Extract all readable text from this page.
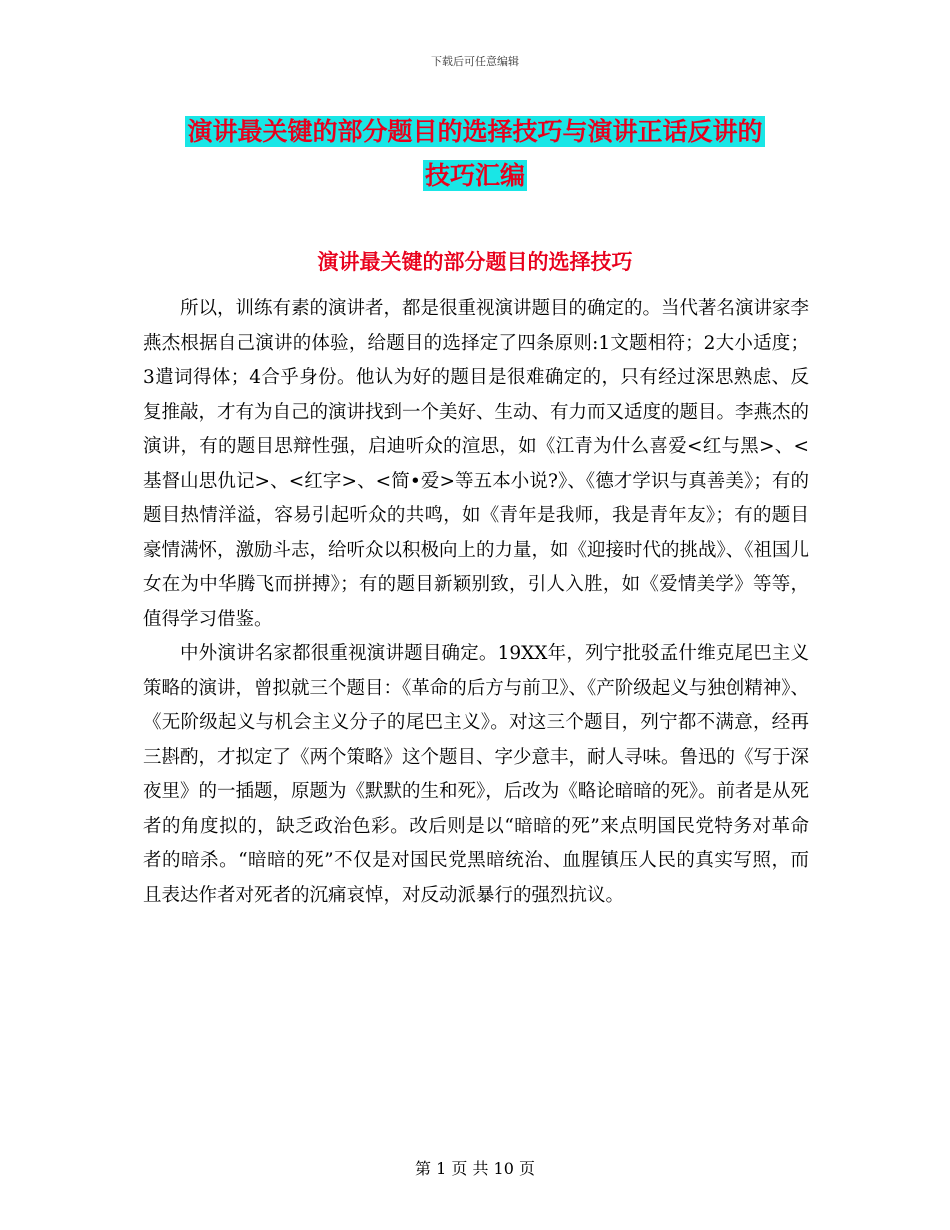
下载后可任意编辑
演讲最关键的部分题目的选择技巧与演讲正话反讲的
技巧汇编
演讲最关键的部分题目的选择技巧

所以，训练有素的演讲者，都是很重视演讲题目的确定的。当代著名演讲家李燕杰根据自己演讲的体验，给题目的选择定了四条原则:1文题相符；2大小适度；3遣词得体；4合乎身份。他认为好的题目是很难确定的，只有经过深思熟虑、反复推敲，才有为自己的演讲找到一个美好、生动、有力而又适度的题目。李燕杰的演讲，有的题目思辩性强，启迪听众的渲思，如《江青为什么喜爱<红与黑>、<基督山思仇记>、<红字>、<简•爱>等五本小说?》、《德才学识与真善美》；有的题目热情洋溢，容易引起听众的共鸣，如《青年是我师，我是青年友》；有的题目豪情满怀，激励斗志，给听众以积极向上的力量，如《迎接时代的挑战》、《祖国儿女在为中华腾飞而拼搏》；有的题目新颖别致，引人入胜，如《爱情美学》等等，值得学习借鉴。

中外演讲名家都很重视演讲题目确定。19XX年，列宁批驳孟什维克尾巴主义策略的演讲，曾拟就三个题目：《革命的后方与前卫》、《产阶级起义与独创精神》、《无阶级起义与机会主义分子的尾巴主义》。对这三个题目，列宁都不满意，经再三斟酌，才拟定了《两个策略》这个题目、字少意丰，耐人寻味。鲁迅的《写于深夜里》的一插题，原题为《默默的生和死》，后改为《略论暗暗的死》。前者是从死者的角度拟的，缺乏政治色彩。改后则是以“暗暗的死”来点明国民党特务对革命者的暗杀。“暗暗的死”不仅是对国民党黑暗统治、血腥镇压人民的真实写照，而且表达作者对死者的沉痛哀悼，对反动派暴行的强烈抗议。

第 1 页 共 10 页
